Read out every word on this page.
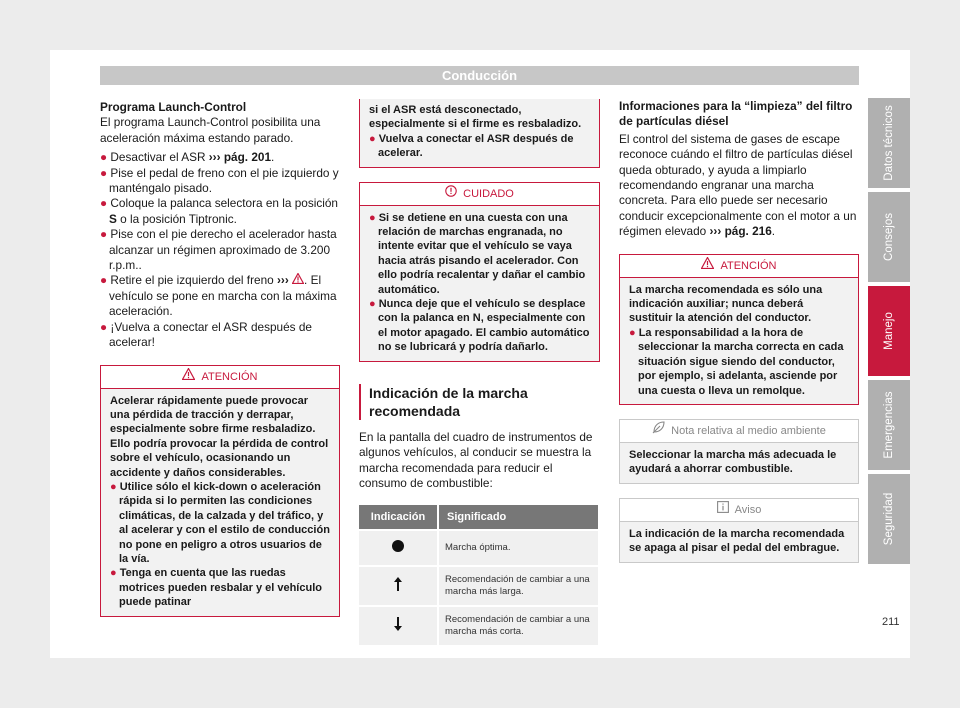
Conducción

Programa Launch-Control

El programa Launch-Control posibilita una aceleración máxima estando parado.

● Desactivar el ASR ››› pág. 201.

● Pise el pedal de freno con el pie izquierdo y manténgalo pisado.

● Coloque la palanca selectora en la posición S o la posición Tiptronic.

● Pise con el pie derecho el acelerador hasta alcanzar un régimen aproximado de 3.200 r.p.m..

● Retire el pie izquierdo del freno ››› . El vehículo se pone en marcha con la máxima aceleración.

● ¡Vuelva a conectar el ASR después de acelerar!

ATENCIÓN

Acelerar rápidamente puede provocar una pérdida de tracción y derrapar, especialmente sobre firme resbaladizo. Ello podría provocar la pérdida de control sobre el vehículo, ocasionando un accidente y daños considerables.

● Utilice sólo el kick-down o aceleración rápida si lo permiten las condiciones climáticas, de la calzada y del tráfico, y al acelerar y con el estilo de conducción no pone en peligro a otros usuarios de la vía.

● Tenga en cuenta que las ruedas motrices pueden resbalar y el vehículo puede patinar

si el ASR está desconectado, especialmente si el firme es resbaladizo.

● Vuelva a conectar el ASR después de acelerar.

CUIDADO

● Si se detiene en una cuesta con una relación de marchas engranada, no intente evitar que el vehículo se vaya hacia atrás pisando el acelerador. Con ello podría recalentar y dañar el cambio automático.

● Nunca deje que el vehículo se desplace con la palanca en N, especialmente con el motor apagado. El cambio automático no se lubricará y podría dañarlo.

Indicación de la marcha recomendada

En la pantalla del cuadro de instrumentos de algunos vehículos, al conducir se muestra la marcha recomendada para reducir el consumo de combustible:

Indicación	Significado
	Marcha óptima.
	Recomendación de cambiar a una marcha más larga.
	Recomendación de cambiar a una marcha más corta.

Informaciones para la “limpieza” del filtro de partículas diésel

El control del sistema de gases de escape reconoce cuándo el filtro de partículas diésel queda obturado, y ayuda a limpiarlo recomendando engranar una marcha concreta. Para ello puede ser necesario conducir excepcionalmente con el motor a un régimen elevado ››› pág. 216.

ATENCIÓN

La marcha recomendada es sólo una indicación auxiliar; nunca deberá sustituir la atención del conductor.

● La responsabilidad a la hora de seleccionar la marcha correcta en cada situación sigue siendo del conductor, por ejemplo, si adelanta, asciende por una cuesta o lleva un remolque.

Nota relativa al medio ambiente

Seleccionar la marcha más adecuada le ayudará a ahorrar combustible.

Aviso

La indicación de la marcha recomendada se apaga al pisar el pedal del embrague.

Datos técnicos
Consejos
Manejo
Emergencias
Seguridad
211
